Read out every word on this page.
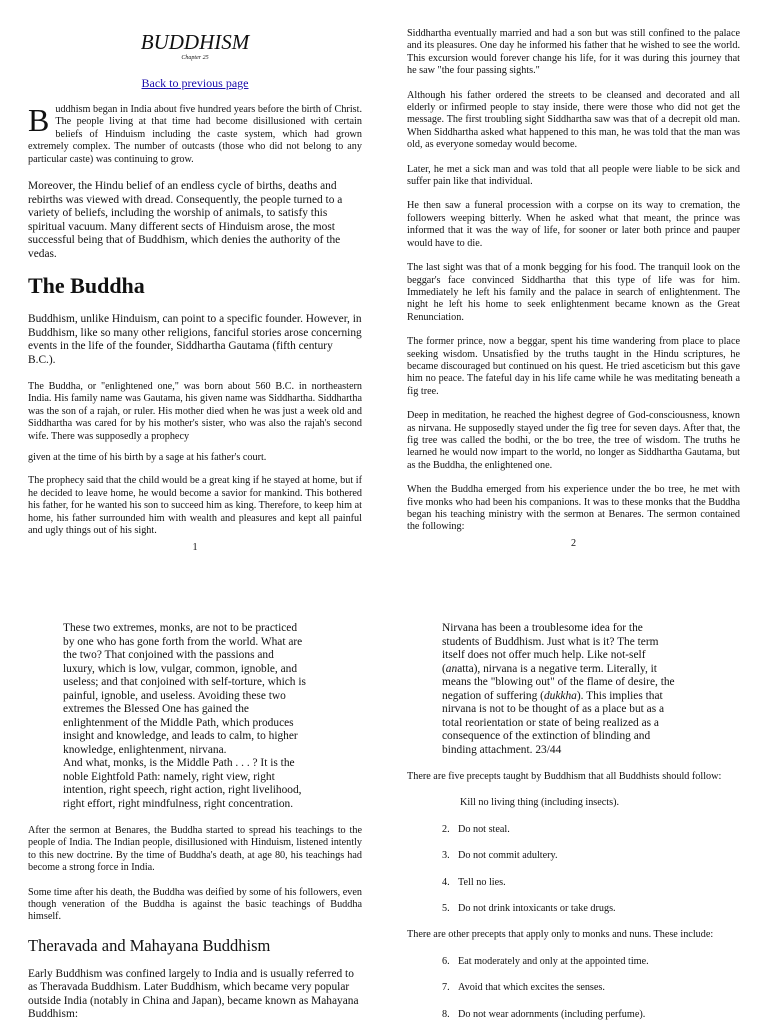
BUDDHISM

Chapter 25

Back to previous page

Buddhism began in India about five hundred years before the birth of Christ. The people living at that time had become disillusioned with certain beliefs of Hinduism including the caste system, which had grown extremely complex. The number of outcasts (those who did not belong to any particular caste) was continuing to grow.

Moreover, the Hindu belief of an endless cycle of births, deaths and rebirths was viewed with dread. Consequently, the people turned to a variety of beliefs, including the worship of animals, to satisfy this spiritual vacuum. Many different sects of Hinduism arose, the most successful being that of Buddhism, which denies the authority of the vedas.

The Buddha

Buddhism, unlike Hinduism, can point to a specific founder. However, in Buddhism, like so many other religions, fanciful stories arose concerning events in the life of the founder, Siddhartha Gautama (fifth century B.C.).

The Buddha, or "enlightened one," was born about 560 B.C. in northeastern India. His family name was Gautama, his given name was Siddhartha. Siddhartha was the son of a rajah, or ruler. His mother died when he was just a week old and Siddhartha was cared for by his mother's sister, who was also the rajah's second wife. There was supposedly a prophecy

given at the time of his birth by a sage at his father's court.

The prophecy said that the child would be a great king if he stayed at home, but if he decided to leave home, he would become a savior for mankind. This bothered his father, for he wanted his son to succeed him as king. Therefore, to keep him at home, his father surrounded him with wealth and pleasures and kept all painful and ugly things out of his sight.

1

Siddhartha eventually married and had a son but was still confined to the palace and its pleasures. One day he informed his father that he wished to see the world. This excursion would forever change his life, for it was during this journey that he saw "the four passing sights."

Although his father ordered the streets to be cleansed and decorated and all elderly or infirmed people to stay inside, there were those who did not get the message. The first troubling sight Siddhartha saw was that of a decrepit old man. When Siddhartha asked what happened to this man, he was told that the man was old, as everyone someday would become.

Later, he met a sick man and was told that all people were liable to be sick and suffer pain like that individual.

He then saw a funeral procession with a corpse on its way to cremation, the followers weeping bitterly. When he asked what that meant, the prince was informed that it was the way of life, for sooner or later both prince and pauper would have to die.

The last sight was that of a monk begging for his food. The tranquil look on the beggar's face convinced Siddhartha that this type of life was for him. Immediately he left his family and the palace in search of enlightenment. The night he left his home to seek enlightenment became known as the Great Renunciation.

The former prince, now a beggar, spent his time wandering from place to place seeking wisdom. Unsatisfied by the truths taught in the Hindu scriptures, he became discouraged but continued on his quest. He tried asceticism but this gave him no peace. The fateful day in his life came while he was meditating beneath a fig tree.

Deep in meditation, he reached the highest degree of God-consciousness, known as nirvana. He supposedly stayed under the fig tree for seven days. After that, the fig tree was called the bodhi, or the bo tree, the tree of wisdom. The truths he learned he would now impart to the world, no longer as Siddhartha Gautama, but as the Buddha, the enlightened one.

When the Buddha emerged from his experience under the bo tree, he met with five monks who had been his companions. It was to these monks that the Buddha began his teaching ministry with the sermon at Benares. The sermon contained the following:

2

These two extremes, monks, are not to be practiced by one who has gone forth from the world. What are the two? That conjoined with the passions and luxury, which is low, vulgar, common, ignoble, and useless; and that conjoined with self-torture, which is painful, ignoble, and useless. Avoiding these two extremes the Blessed One has gained the enlightenment of the Middle Path, which produces insight and knowledge, and leads to calm, to higher knowledge, enlightenment, nirvana.

And what, monks, is the Middle Path . . . ? It is the noble Eightfold Path: namely, right view, right intention, right speech, right action, right livelihood, right effort, right mindfulness, right concentration.

After the sermon at Benares, the Buddha started to spread his teachings to the people of India. The Indian people, disillusioned with Hinduism, listened intently to this new doctrine. By the time of Buddha's death, at age 80, his teachings had become a strong force in India.

Some time after his death, the Buddha was deified by some of his followers, even though veneration of the Buddha is against the basic teachings of Buddha himself.

Theravada and Mahayana Buddhism

Early Buddhism was confined largely to India and is usually referred to as Theravada Buddhism. Later Buddhism, which became very popular outside India (notably in China and Japan), became known as Mahayana Buddhism:

Nirvana has been a troublesome idea for the students of Buddhism. Just what is it? The term itself does not offer much help. Like not-self (anatta), nirvana is a negative term. Literally, it means the "blowing out" of the flame of desire, the negation of suffering (dukkha). This implies that nirvana is not to be thought of as a place but as a total reorientation or state of being realized as a consequence of the extinction of blinding and binding attachment. 23/44

There are five precepts taught by Buddhism that all Buddhists should follow:

Kill no living thing (including insects).

2. Do not steal.

3. Do not commit adultery.

4. Tell no lies.

5. Do not drink intoxicants or take drugs.

There are other precepts that apply only to monks and nuns. These include:

6. Eat moderately and only at the appointed time.

7. Avoid that which excites the senses.

8. Do not wear adornments (including perfume).
